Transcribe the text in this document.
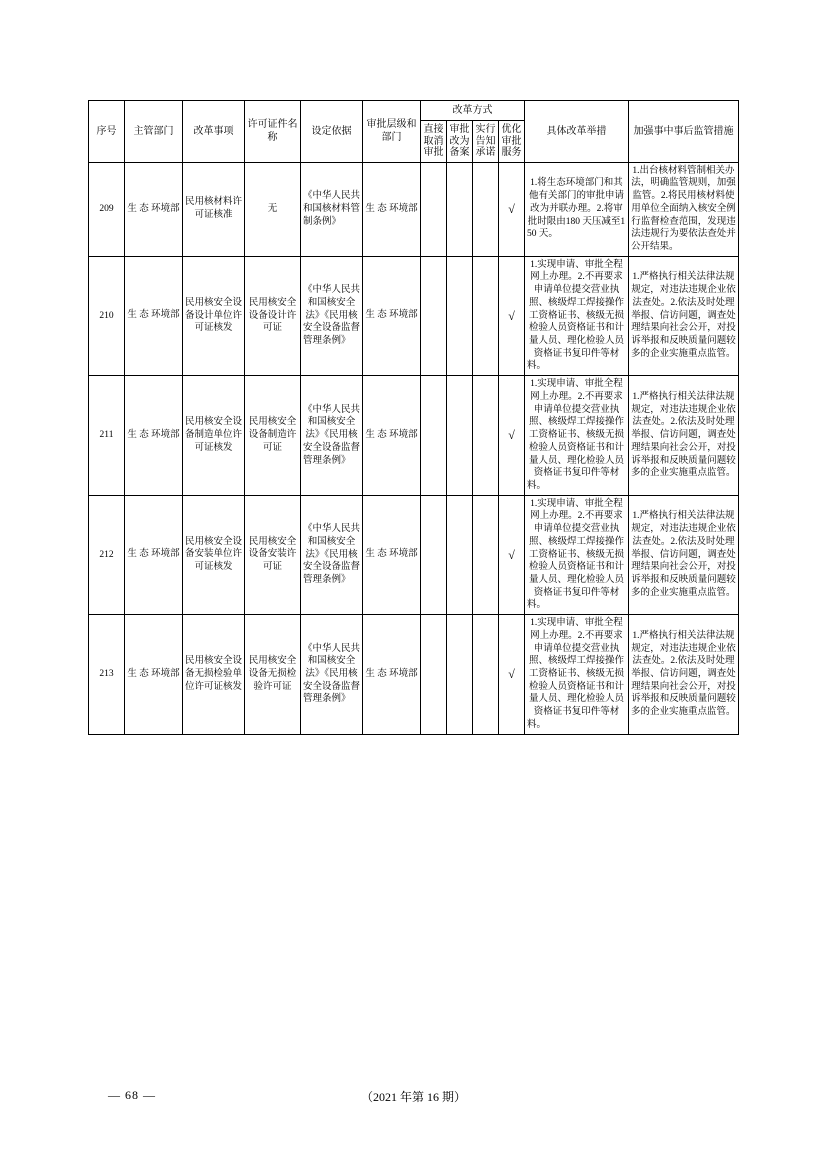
序号	主管部门	改革事项	许可证件名称	设定依据	审批层级和部门	改革方式				具体改革举措	加强事中事后监管措施
						直接取消审批	审批改为备案	实行告知承诺	优化审批服务		
209	生 态 环境部	民用核材料许可证核准	无	《中华人民共和国核材料管制条例》	生 态 环境部				√	1.将生态环境部门和其他有关部门的审批申请改为并联办理。2.将审批时限由180 天压减至150 天。	1.出台核材料管制相关办法，明确监管规则，加强监管。2.将民用核材料使用单位全面纳入核安全例行监督检查范围，发现违法违规行为要依法查处并公开结果。
210	生 态 环境部	民用核安全设备设计单位许可证核发	民用核安全设备设计许可证	《中华人民共和国核安全法》《民用核安全设备监督管理条例》	生 态 环境部				√	1.实现申请、审批全程网上办理。2.不再要求申请单位提交营业执照、核级焊工焊接操作工资格证书、核级无损检验人员资格证书和计量人员、理化检验人员资格证书复印件等材料。	1.严格执行相关法律法规规定，对违法违规企业依法查处。2.依法及时处理举报、信访问题，调查处理结果向社会公开，对投诉举报和反映质量问题较多的企业实施重点监管。
211	生 态 环境部	民用核安全设备制造单位许可证核发	民用核安全设备制造许可证	《中华人民共和国核安全法》《民用核安全设备监督管理条例》	生 态 环境部				√	1.实现申请、审批全程网上办理。2.不再要求申请单位提交营业执照、核级焊工焊接操作工资格证书、核级无损检验人员资格证书和计量人员、理化检验人员资格证书复印件等材料。	1.严格执行相关法律法规规定，对违法违规企业依法查处。2.依法及时处理举报、信访问题，调查处理结果向社会公开，对投诉举报和反映质量问题较多的企业实施重点监管。
212	生 态 环境部	民用核安全设备安装单位许可证核发	民用核安全设备安装许可证	《中华人民共和国核安全法》《民用核安全设备监督管理条例》	生 态 环境部				√	1.实现申请、审批全程网上办理。2.不再要求申请单位提交营业执照、核级焊工焊接操作工资格证书、核级无损检验人员资格证书和计量人员、理化检验人员资格证书复印件等材料。	1.严格执行相关法律法规规定，对违法违规企业依法查处。2.依法及时处理举报、信访问题，调查处理结果向社会公开，对投诉举报和反映质量问题较多的企业实施重点监管。
213	生 态 环境部	民用核安全设备无损检验单位许可证核发	民用核安全设备无损检验许可证	《中华人民共和国核安全法》《民用核安全设备监督管理条例》	生 态 环境部				√	1.实现申请、审批全程网上办理。2.不再要求申请单位提交营业执照、核级焊工焊接操作工资格证书、核级无损检验人员资格证书和计量人员、理化检验人员资格证书复印件等材料。	1.严格执行相关法律法规规定，对违法违规企业依法查处。2.依法及时处理举报、信访问题，调查处理结果向社会公开，对投诉举报和反映质量问题较多的企业实施重点监管。
— 68 —	（2021 年第 16 期）
